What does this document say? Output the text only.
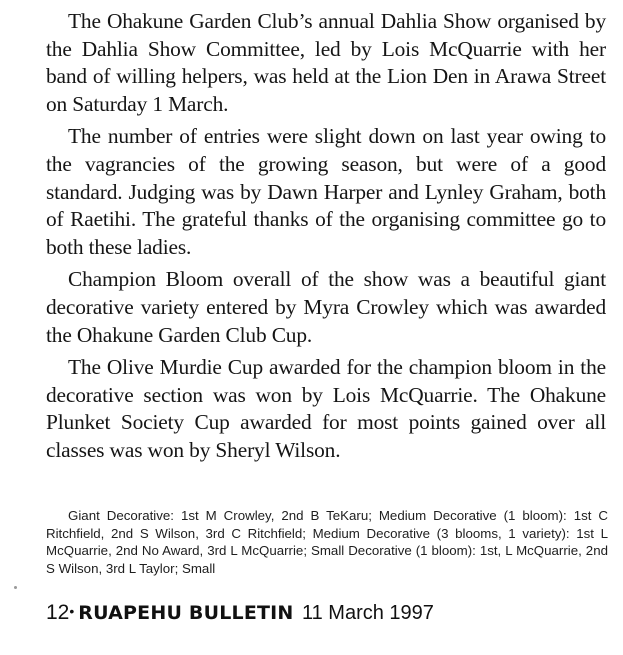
The Ohakune Garden Club’s annual Dahlia Show organised by the Dahlia Show Committee, led by Lois McQuarrie with her band of willing helpers, was held at the Lion Den in Arawa Street on Saturday 1 March.

The number of entries were slight down on last year owing to the vagrancies of the growing season, but were of a good standard. Judging was by Dawn Harper and Lynley Graham, both of Raetihi. The grateful thanks of the organising committee go to both these ladies.

Champion Bloom overall of the show was a beautiful giant decorative variety entered by Myra Crowley which was awarded the Ohakune Garden Club Cup.

The Olive Murdie Cup awarded for the champion bloom in the decorative section was won by Lois McQuarrie. The Ohakune Plunket Society Cup awarded for most points gained over all classes was won by Sheryl Wilson.

Giant Decorative: 1st M Crowley, 2nd B TeKaru; Medium Decorative (1 bloom): 1st C Ritchfield, 2nd S Wilson, 3rd C Ritchfield; Medium Decorative (3 blooms, 1 variety): 1st L McQuarrie, 2nd No Award, 3rd L McQuarrie; Small Decorative (1 bloom): 1st, L McQuarrie, 2nd S Wilson, 3rd L Taylor; Small

12• RUAPEHU BULLETIN 11 March 1997
